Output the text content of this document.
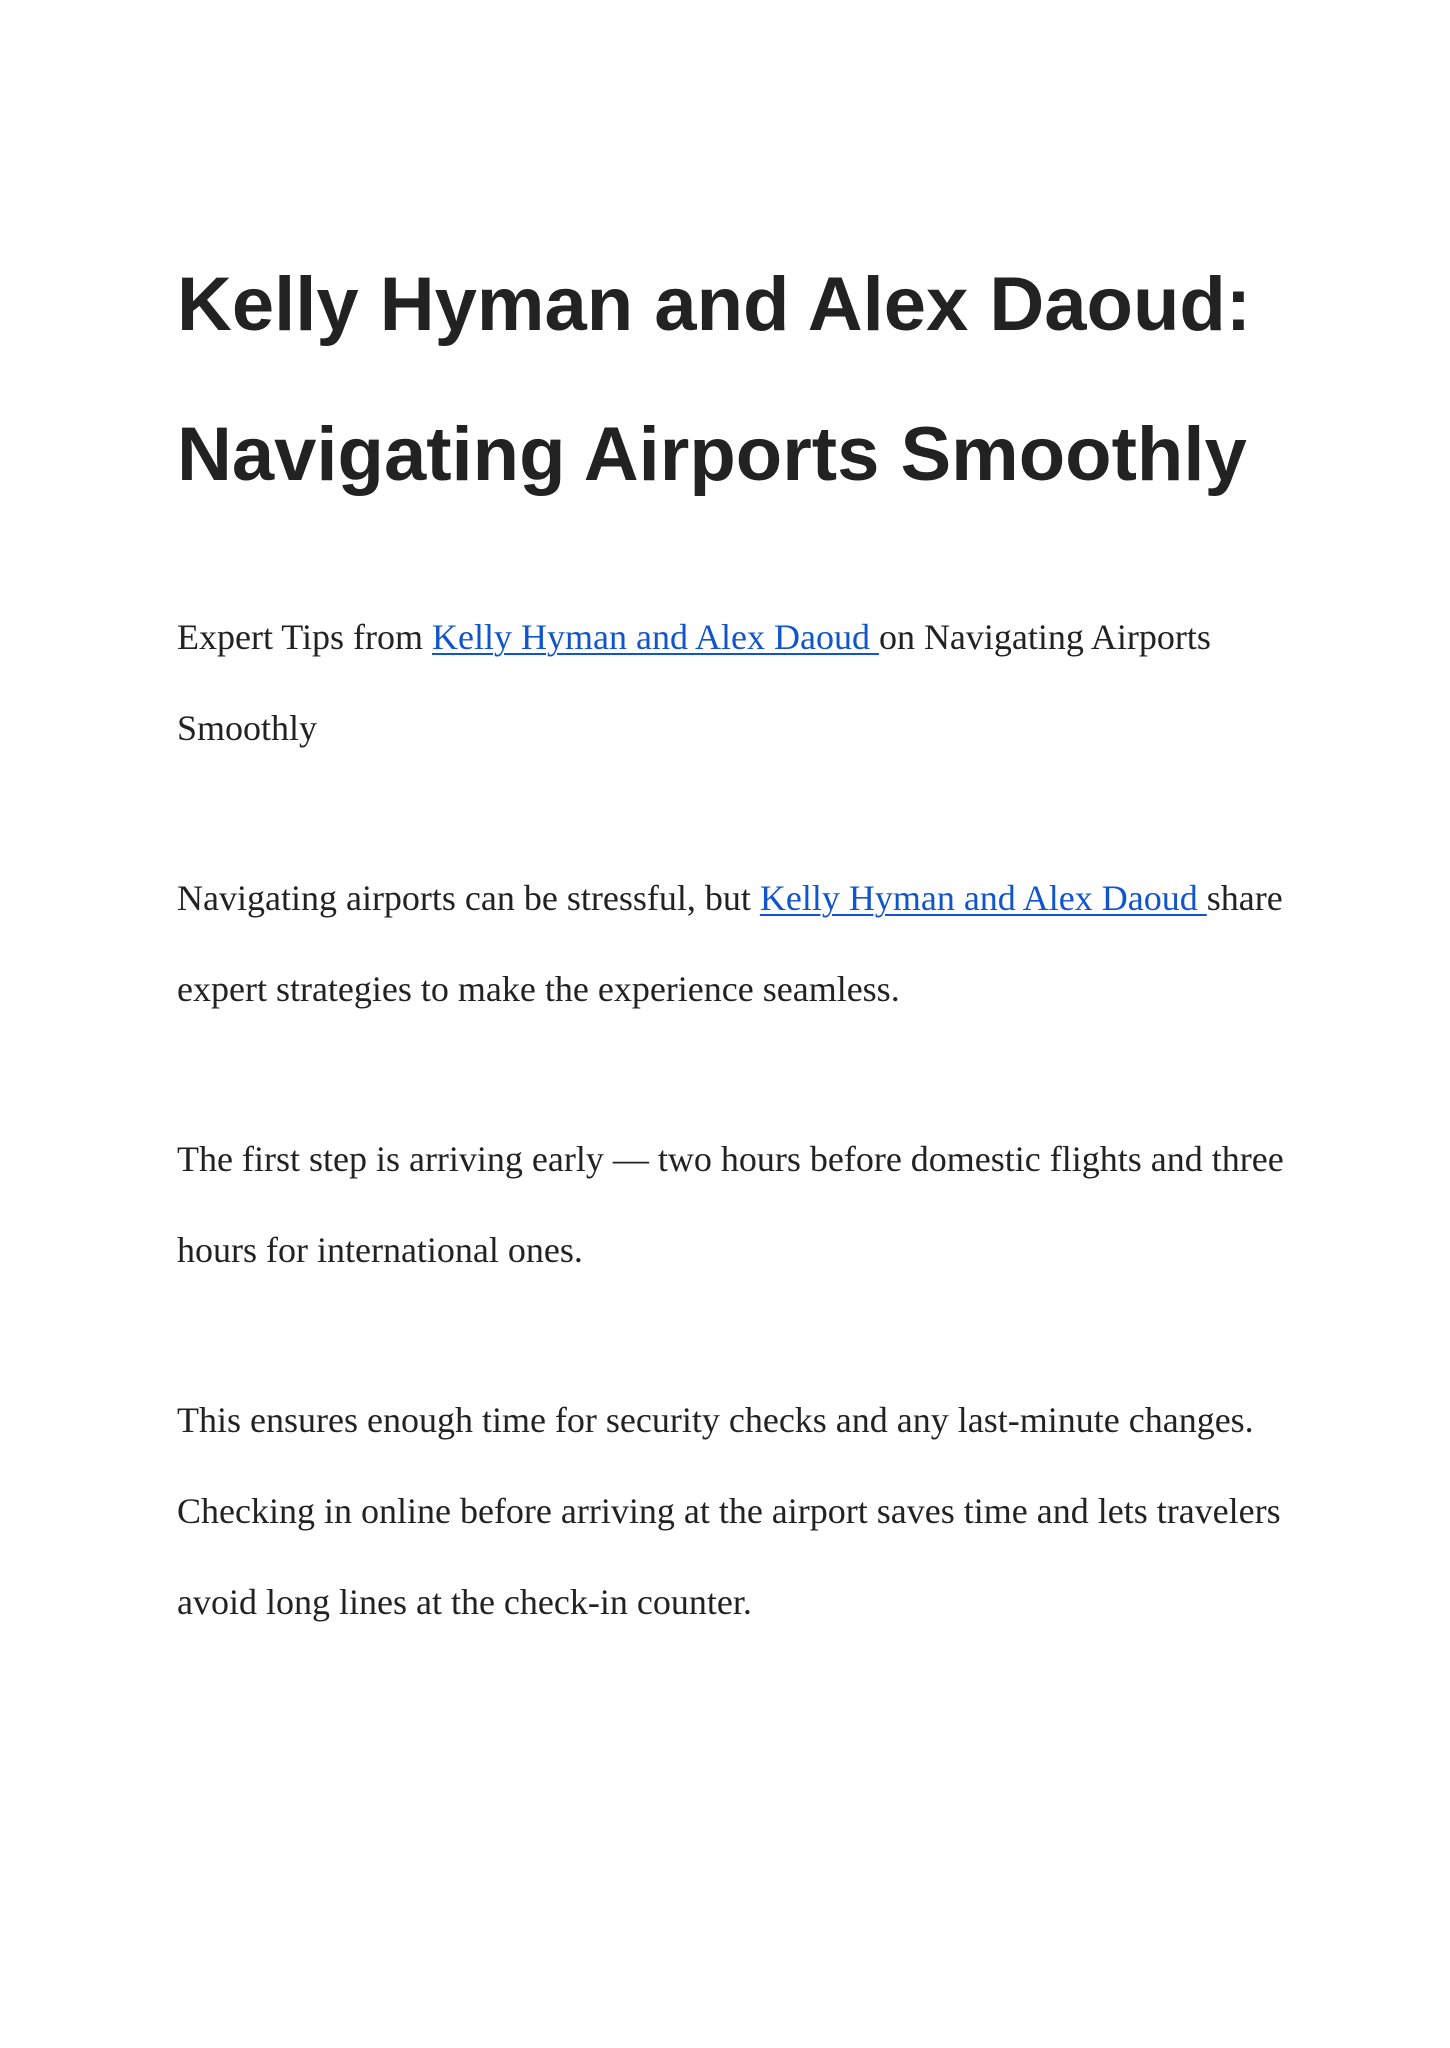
Kelly Hyman and Alex Daoud: Navigating Airports Smoothly

Expert Tips from Kelly Hyman and Alex Daoud on Navigating Airports Smoothly

Navigating airports can be stressful, but Kelly Hyman and Alex Daoud share expert strategies to make the experience seamless.

The first step is arriving early — two hours before domestic flights and three hours for international ones.

This ensures enough time for security checks and any last-minute changes. Checking in online before arriving at the airport saves time and lets travelers avoid long lines at the check-in counter.
